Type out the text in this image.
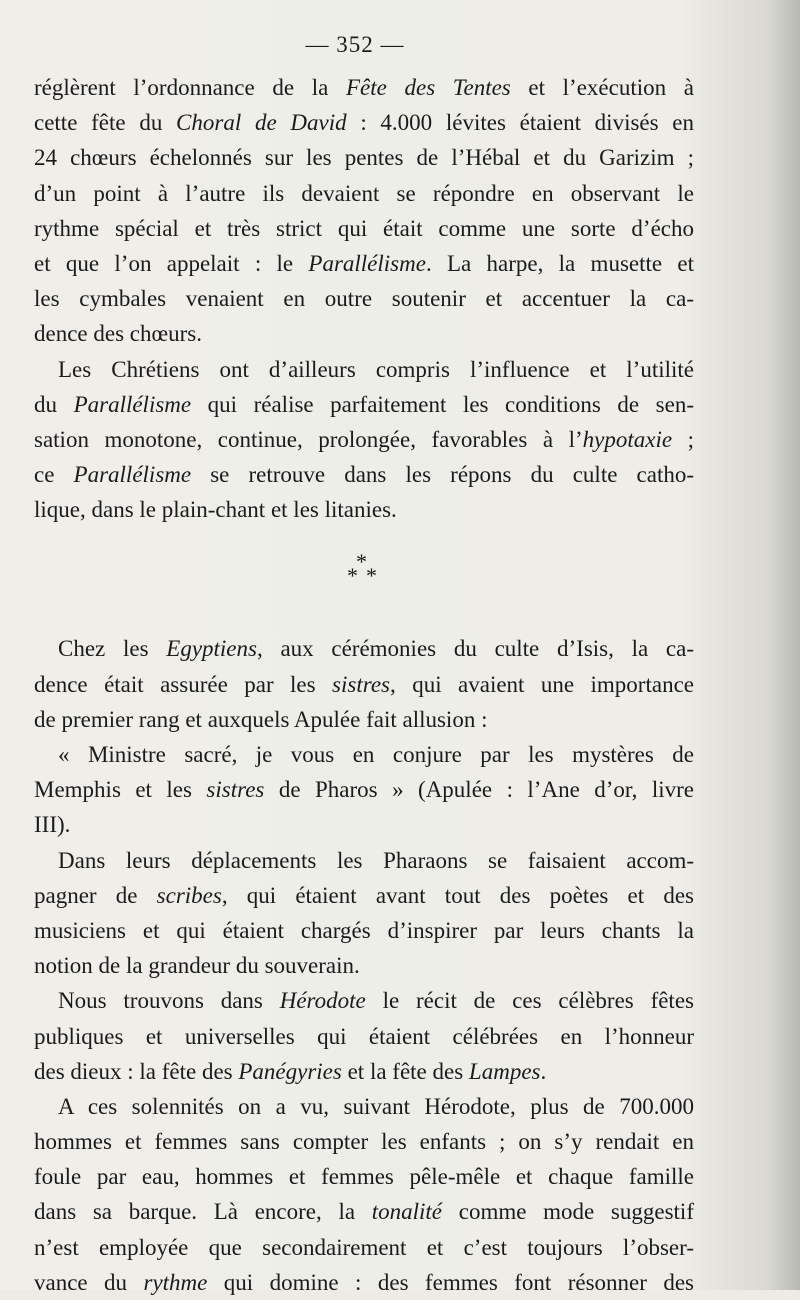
— 352 —
réglèrent l’ordonnance de la Fête des Tentes et l’exécution à
cette fête du Choral de David : 4.000 lévites étaient divisés en
24 chœurs échelonnés sur les pentes de l’Hébal et du Garizim ;
d’un point à l’autre ils devaient se répondre en observant le
rythme spécial et très strict qui était comme une sorte d’écho
et que l’on appelait : le Parallélisme. La harpe, la musette et
les cymbales venaient en outre soutenir et accentuer la ca-
dence des chœurs.
Les Chrétiens ont d’ailleurs compris l’influence et l’utilité
du Parallélisme qui réalise parfaitement les conditions de sen-
sation monotone, continue, prolongée, favorables à l’hypotaxie ;
ce Parallélisme se retrouve dans les répons du culte catho-
lique, dans le plain-chant et les litanies.
*
* *
Chez les Egyptiens, aux cérémonies du culte d’Isis, la ca-
dence était assurée par les sistres, qui avaient une importance
de premier rang et auxquels Apulée fait allusion :
« Ministre sacré, je vous en conjure par les mystères de
Memphis et les sistres de Pharos » (Apulée : l’Ane d’or, livre
III).
Dans leurs déplacements les Pharaons se faisaient accom-
pagner de scribes, qui étaient avant tout des poètes et des
musiciens et qui étaient chargés d’inspirer par leurs chants la
notion de la grandeur du souverain.
Nous trouvons dans Hérodote le récit de ces célèbres fêtes
publiques et universelles qui étaient célébrées en l’honneur
des dieux : la fête des Panégyries et la fête des Lampes.
A ces solennités on a vu, suivant Hérodote, plus de 700.000
hommes et femmes sans compter les enfants ; on s’y rendait en
foule par eau, hommes et femmes pêle-mêle et chaque famille
dans sa barque. Là encore, la tonalité comme mode suggestif
n’est employée que secondairement et c’est toujours l’obser-
vance du rythme qui domine : des femmes font résonner des
